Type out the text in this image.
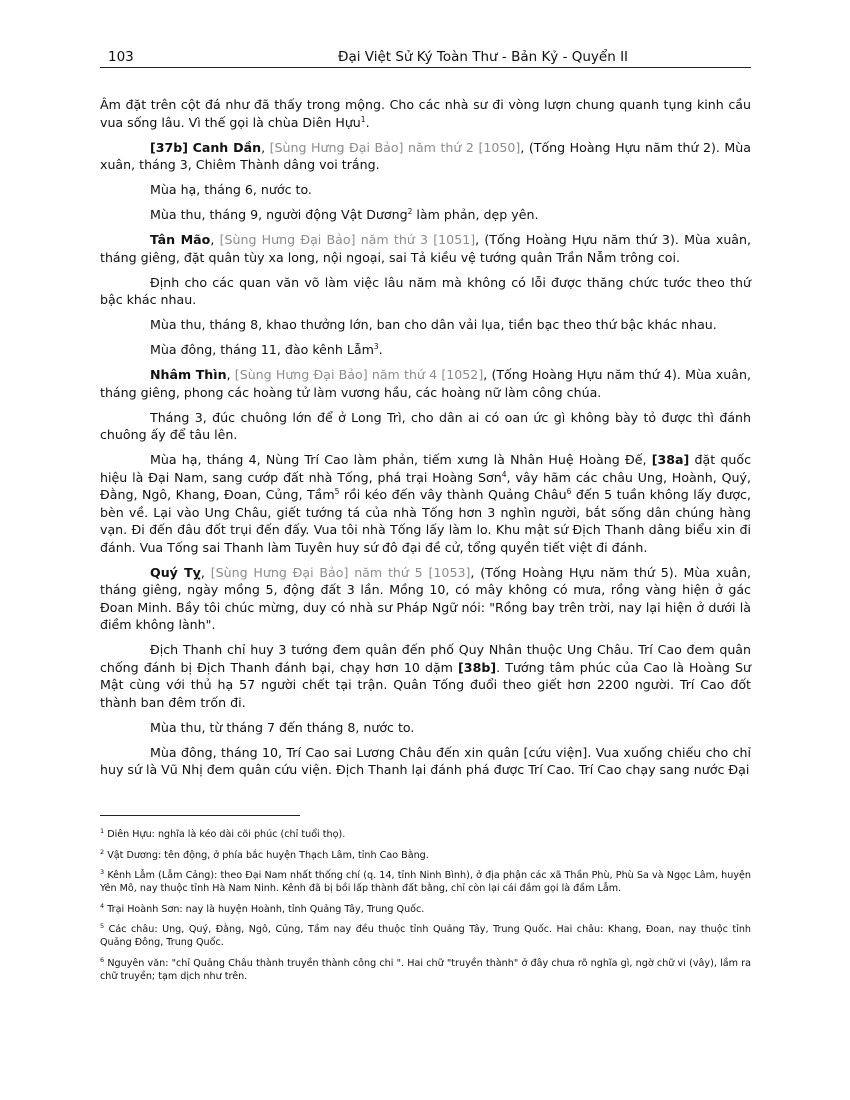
103	Đại Việt Sử Ký Toàn Thư - Bản Kỷ - Quyển II

Âm đặt trên cột đá như đã thấy trong mộng. Cho các nhà sư đi vòng lượn chung quanh tụng kinh cầu vua sống lâu. Vì thế gọi là chùa Diên Hựu$^1$.

[37b] Canh Dần, [Sùng Hưng Đại Bảo] năm thứ 2 [1050], (Tống Hoàng Hựu năm thứ 2). Mùa xuân, tháng 3, Chiêm Thành dâng voi trắng.

Mùa hạ, tháng 6, nước to.

Mùa thu, tháng 9, người động Vật Dương$^2$ làm phản, dẹp yên.

Tân Mão, [Sùng Hưng Đại Bảo] năm thứ 3 [1051], (Tống Hoàng Hựu năm thứ 3). Mùa xuân, tháng giêng, đặt quân tùy xa long, nội ngoại, sai Tả kiều vệ tướng quân Trần Nẫm trông coi.

Định cho các quan văn võ làm việc lâu năm mà không có lỗi được thăng chức tước theo thứ bậc khác nhau.

Mùa thu, tháng 8, khao thưởng lớn, ban cho dân vải lụa, tiền bạc theo thứ bậc khác nhau.

Mùa đông, tháng 11, đào kênh Lẫm$^3$.

Nhâm Thìn, [Sùng Hưng Đại Bảo] năm thứ 4 [1052], (Tống Hoàng Hựu năm thứ 4). Mùa xuân, tháng giêng, phong các hoàng tử làm vương hầu, các hoàng nữ làm công chúa.

Tháng 3, đúc chuông lớn để ở Long Trì, cho dân ai có oan ức gì không bày tỏ được thì đánh chuông ấy để tâu lên.

Mùa hạ, tháng 4, Nùng Trí Cao làm phản, tiếm xưng là Nhân Huệ Hoàng Đế, [38a] đặt quốc hiệu là Đại Nam, sang cướp đất nhà Tống, phá trại Hoàng Sơn$^4$, vây hãm các châu Ung, Hoành, Quý, Đằng, Ngô, Khang, Đoan, Củng, Tầm$^5$ rồi kéo đến vây thành Quảng Châu$^6$ đến 5 tuần không lấy được, bèn về. Lại vào Ung Châu, giết tướng tá của nhà Tống hơn 3 nghìn người, bắt sống dân chúng hàng vạn. Đi đến đâu đốt trụi đến đấy. Vua tôi nhà Tống lấy làm lo. Khu mật sứ Địch Thanh dâng biểu xin đi đánh. Vua Tống sai Thanh làm Tuyên huy sứ đô đại đề cử, tổng quyền tiết việt đi đánh.

Quý Tỵ, [Sùng Hưng Đại Bảo] năm thứ 5 [1053], (Tống Hoàng Hựu năm thứ 5). Mùa xuân, tháng giêng, ngày mồng 5, động đất 3 lần. Mồng 10, có mây không có mưa, rồng vàng hiện ở gác Đoan Minh. Bầy tôi chúc mừng, duy có nhà sư Pháp Ngữ nói: "Rồng bay trên trời, nay lại hiện ở dưới là điềm không lành".

Địch Thanh chỉ huy 3 tướng đem quân đến phố Quy Nhân thuộc Ung Châu. Trí Cao đem quân chống đánh bị Địch Thanh đánh bại, chạy hơn 10 dặm [38b]. Tướng tâm phúc của Cao là Hoàng Sư Mật cùng với thủ hạ 57 người chết tại trận. Quân Tống đuổi theo giết hơn 2200 người. Trí Cao đốt thành ban đêm trốn đi.

Mùa thu, từ tháng 7 đến tháng 8, nước to.

Mùa đông, tháng 10, Trí Cao sai Lương Châu đến xin quân [cứu viện]. Vua xuống chiếu cho chỉ huy sứ là Vũ Nhị đem quân cứu viện. Địch Thanh lại đánh phá được Trí Cao. Trí Cao chạy sang nước Đại

$^1$ Diên Hựu: nghĩa là kéo dài cõi phúc (chỉ tuổi thọ).

$^2$ Vật Dương: tên động, ở phía bắc huyện Thạch Lâm, tỉnh Cao Bằng.

$^3$ Kênh Lẫm (Lẫm Cảng): theo Đại Nam nhất thống chí (q. 14, tỉnh Ninh Bình), ở địa phận các xã Thần Phù, Phù Sa và Ngọc Lâm, huyện Yên Mô, nay thuộc tỉnh Hà Nam Ninh. Kênh đã bị bồi lấp thành đất bằng, chỉ còn lại cái đầm gọi là đầm Lẫm.

$^4$ Trại Hoành Sơn: nay là huyện Hoành, tỉnh Quảng Tây, Trung Quốc.

$^5$ Các châu: Ung, Quý, Đằng, Ngô, Củng, Tầm nay đều thuộc tỉnh Quảng Tây, Trung Quốc. Hai châu: Khang, Đoan, nay thuộc tỉnh Quảng Đông, Trung Quốc.

$^6$ Nguyên văn: "chỉ Quảng Châu thành truyền thành công chi ". Hai chữ "truyền thành" ở đây chưa rõ nghĩa gì, ngờ chữ vi (vây), lầm ra chữ truyền; tạm dịch như trên.
